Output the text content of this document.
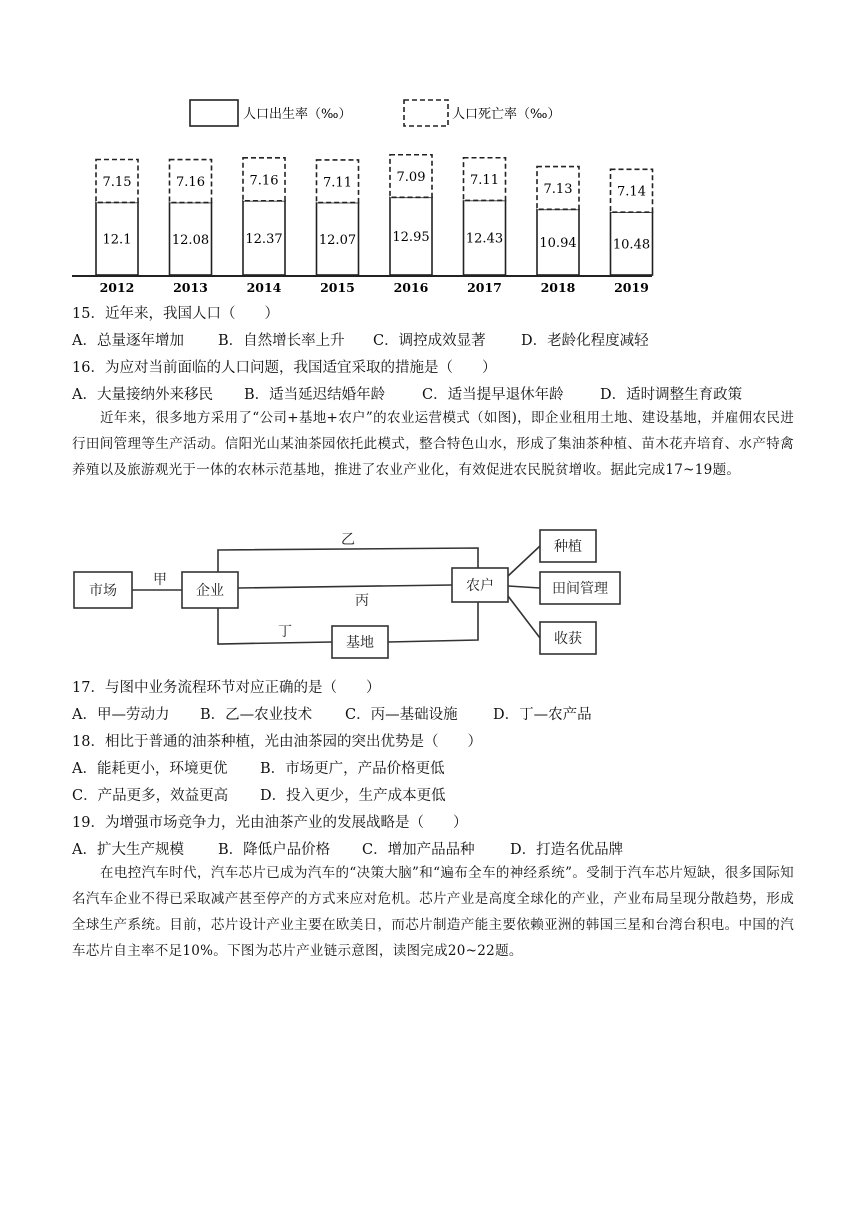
人口出生率（‰）	人口死亡率（‰）
12.1
7.15
12.08
7.16
12.37
7.16
12.07
7.11
12.95
7.09
12.43
7.11
10.94
7.13
10.48
7.14
2012	2013	2014	2015	2016	2017	2018	2019
15．近年来，我国人口（　　）
A．总量逐年增加 B．自然增长率上升 C．调控成效显著 D．老龄化程度减轻
16．为应对当前面临的人口问题，我国适宜采取的措施是（　　）
A．大量接纳外来移民 B．适当延迟结婚年龄	C．适当提早退休年龄	D．适时调整生育政策
近年来，很多地方采用了“公司+基地+农户”的农业运营模式（如图)，即企业租用土地、建设基地，并雇佣农民进行田间管理等生产活动。信阳光山某油茶园依托此模式，整合特色山水，形成了集油茶种植、苗木花卉培育、水产特禽养殖以及旅游观光于一体的农林示范基地，推进了农业产业化，有效促进农民脱贫增收。据此完成17~19题。
市场	企业	农户
基地
种植
田间管理
收获
甲
乙
丙
丁
17．与图中业务流程环节对应正确的是（　　）
A．甲—劳动力 B．乙—农业技术 C．丙—基础设施 D．丁—农产品
18．相比于普通的油茶种植，光由油茶园的突出优势是（　　）
A．能耗更小，环境更优 B．市场更广，产品价格更低
C．产品更多，效益更高 D．投入更少，生产成本更低
19．为增强市场竞争力，光由油茶产业的发展战略是（　　）
A．扩大生产规模 B．降低户品价格 C．增加产品品种 D．打造名优品牌
在电控汽车时代，汽车芯片已成为汽车的“决策大脑”和“遍布全车的神经系统”。受制于汽车芯片短缺，很多国际知名汽车企业不得已采取减产甚至停产的方式来应对危机。芯片产业是高度全球化的产业，产业布局呈现分散趋势，形成全球生产系统。目前，芯片设计产业主要在欧美日，而芯片制造产能主要依赖亚洲的韩国三星和台湾台积电。中国的汽车芯片自主率不足10%。下图为芯片产业链示意图，读图完成20~22题。
